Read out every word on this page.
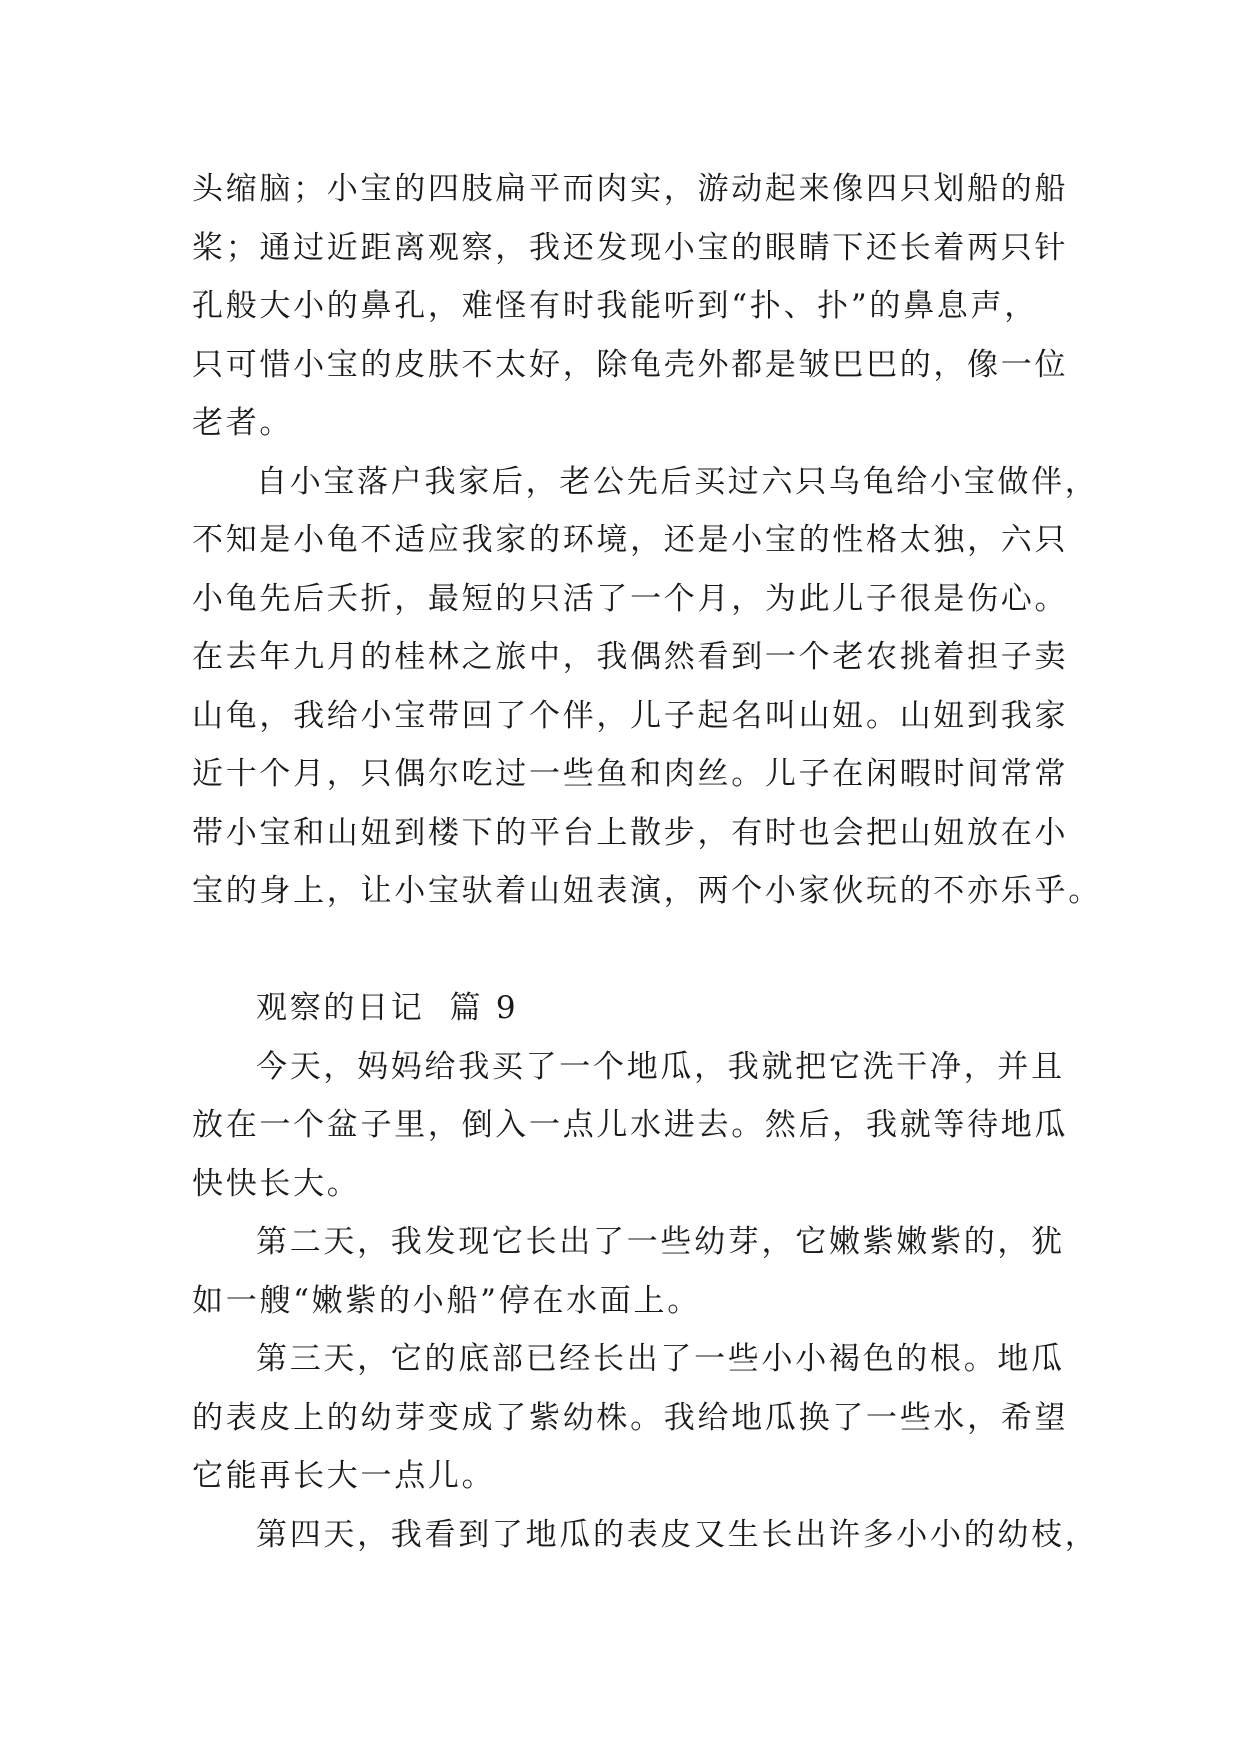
头缩脑；小宝的四肢扁平而肉实，游动起来像四只划船的船
桨；通过近距离观察，我还发现小宝的眼睛下还长着两只针
孔般大小的鼻孔，难怪有时我能听到“扑、扑”的鼻息声，
只可惜小宝的皮肤不太好，除龟壳外都是皱巴巴的，像一位
老者。
自小宝落户我家后，老公先后买过六只乌龟给小宝做伴，
不知是小龟不适应我家的环境，还是小宝的性格太独，六只
小龟先后夭折，最短的只活了一个月，为此儿子很是伤心。
在去年九月的桂林之旅中，我偶然看到一个老农挑着担子卖
山龟，我给小宝带回了个伴，儿子起名叫山妞。山妞到我家
近十个月，只偶尔吃过一些鱼和肉丝。儿子在闲暇时间常常
带小宝和山妞到楼下的平台上散步，有时也会把山妞放在小
宝的身上，让小宝驮着山妞表演，两个小家伙玩的不亦乐乎。
观察的日记  篇 9
今天，妈妈给我买了一个地瓜，我就把它洗干净，并且
放在一个盆子里，倒入一点儿水进去。然后，我就等待地瓜
快快长大。
第二天，我发现它长出了一些幼芽，它嫩紫嫩紫的，犹
如一艘“嫩紫的小船”停在水面上。
第三天，它的底部已经长出了一些小小褐色的根。地瓜
的表皮上的幼芽变成了紫幼株。我给地瓜换了一些水，希望
它能再长大一点儿。
第四天，我看到了地瓜的表皮又生长出许多小小的幼枝，
